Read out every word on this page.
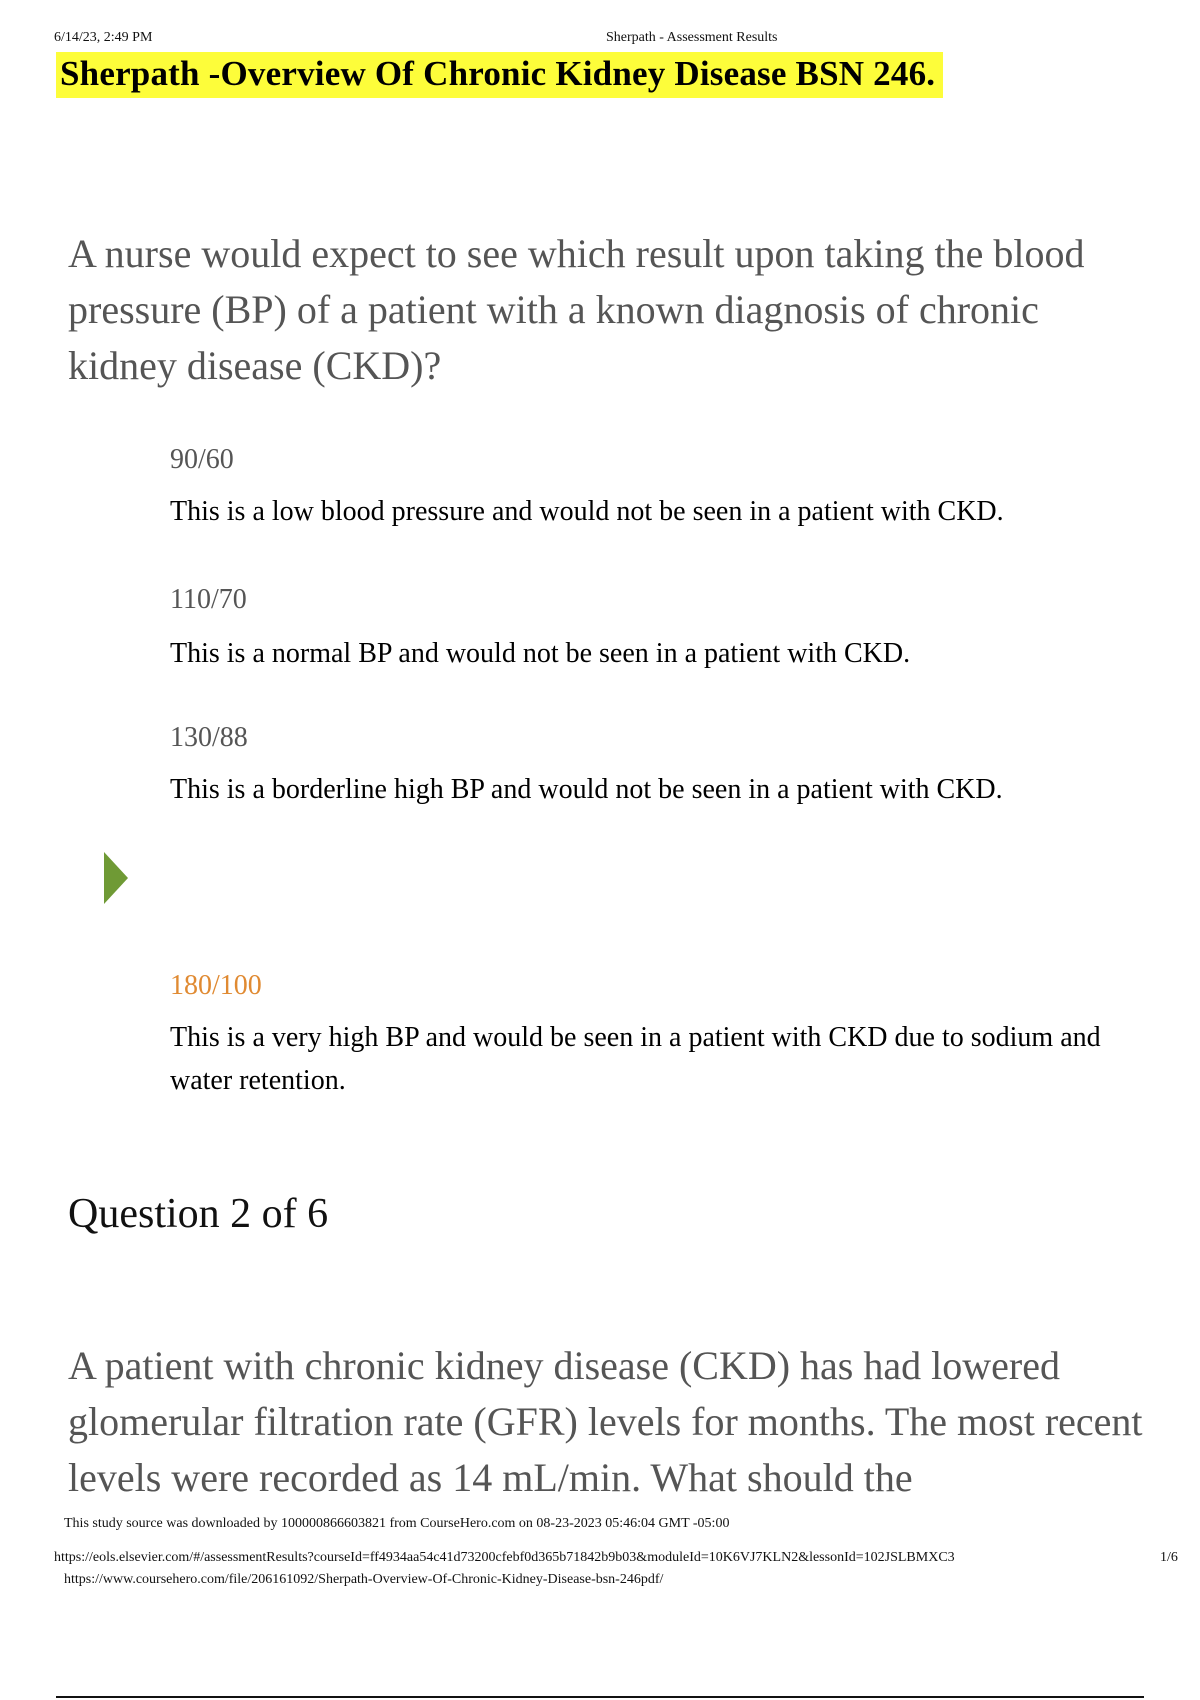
6/14/23, 2:49 PM	Sherpath - Assessment Results
Sherpath -Overview Of Chronic Kidney Disease BSN 246.
A nurse would expect to see which result upon taking the blood pressure (BP) of a patient with a known diagnosis of chronic kidney disease (CKD)?
90/60
This is a low blood pressure and would not be seen in a patient with CKD.
110/70
This is a normal BP and would not be seen in a patient with CKD.
130/88
This is a borderline high BP and would not be seen in a patient with CKD.
180/100
This is a very high BP and would be seen in a patient with CKD due to sodium and water retention.
Question 2 of 6
A patient with chronic kidney disease (CKD) has had lowered glomerular filtration rate (GFR) levels for months. The most recent levels were recorded as 14 mL/min. What should the
This study source was downloaded by 100000866603821 from CourseHero.com on 08-23-2023 05:46:04 GMT -05:00
https://eols.elsevier.com/#/assessmentResults?courseId=ff4934aa54c41d73200cfebf0d365b71842b9b03&moduleId=10K6VJ7KLN2&lessonId=102JSLBMXC3	1/6
https://www.coursehero.com/file/206161092/Sherpath-Overview-Of-Chronic-Kidney-Disease-bsn-246pdf/
